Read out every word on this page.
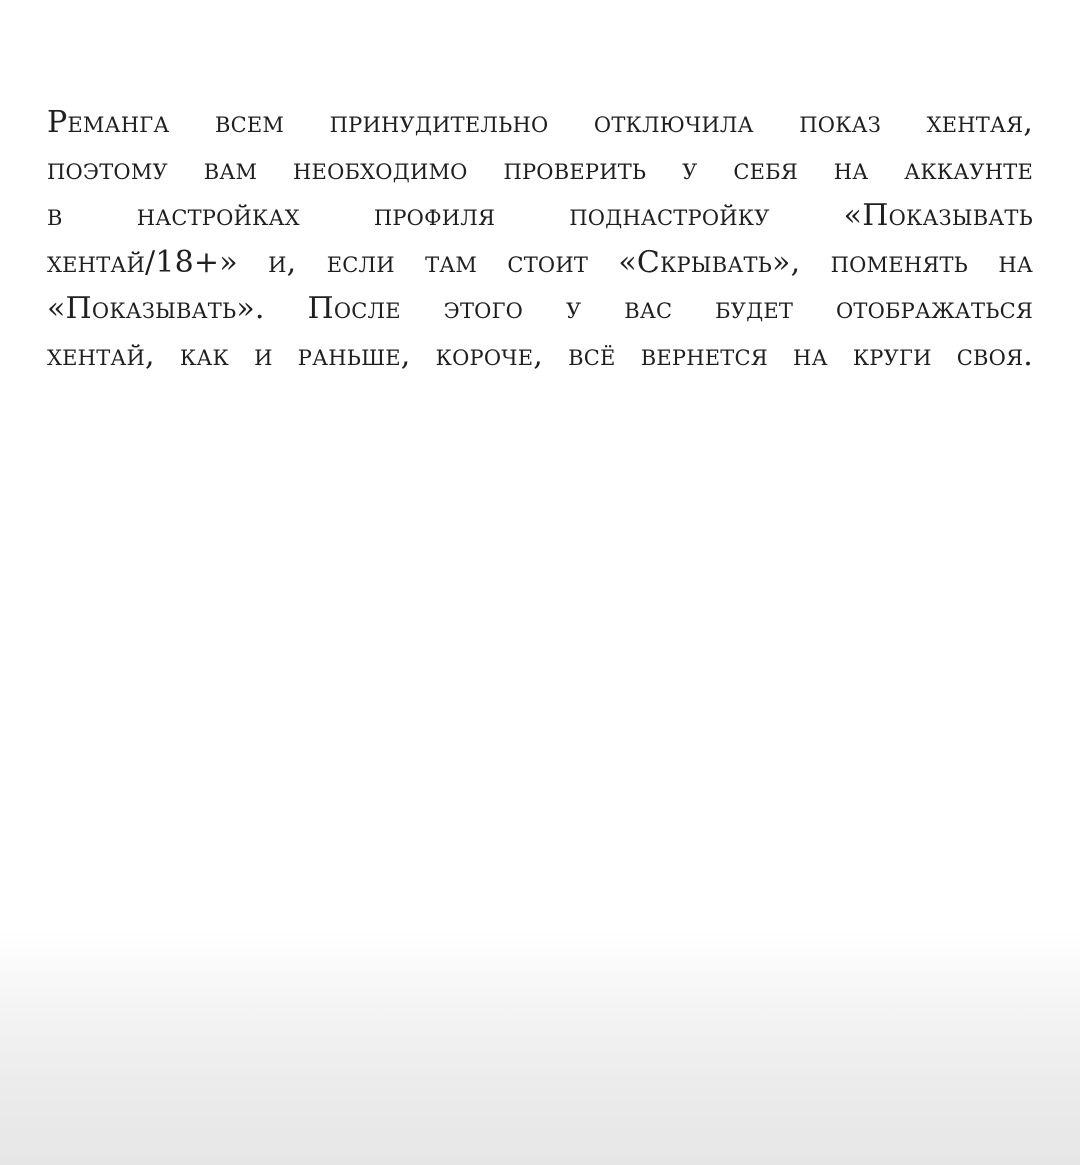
Реманга всем принудительно отключила показ хентая,
поэтому вам необходимо проверить у себя на аккаунте
в настройках профиля поднастройку «Показывать
хентай/18+» и, если там стоит «Скрывать», поменять на
«Показывать». После этого у вас будет отображаться
хентай, как и раньше, короче, всё вернется на круги своя.
